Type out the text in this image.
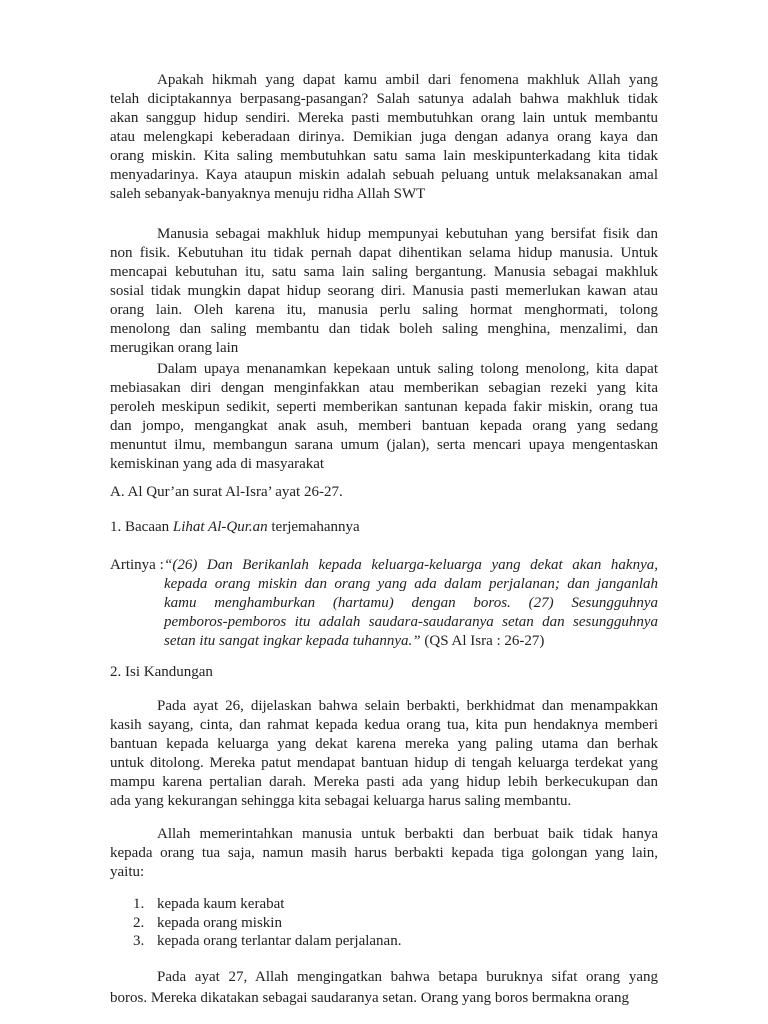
Apakah hikmah yang dapat kamu ambil dari fenomena makhluk Allah yang
telah diciptakannya berpasang-pasangan? Salah satunya adalah bahwa makhluk tidak
akan sanggup hidup sendiri. Mereka pasti membutuhkan orang lain untuk membantu
atau melengkapi keberadaan dirinya. Demikian juga dengan adanya orang kaya dan
orang miskin. Kita saling membutuhkan satu sama lain meskipunterkadang kita tidak
menyadarinya. Kaya ataupun miskin adalah sebuah peluang untuk melaksanakan amal
saleh sebanyak-banyaknya menuju ridha Allah SWT
Manusia sebagai makhluk hidup mempunyai kebutuhan yang bersifat fisik dan
non fisik. Kebutuhan itu tidak pernah dapat dihentikan selama hidup manusia. Untuk
mencapai kebutuhan itu, satu sama lain saling bergantung. Manusia sebagai makhluk
sosial tidak mungkin dapat hidup seorang diri. Manusia pasti memerlukan kawan atau
orang lain. Oleh karena itu, manusia perlu saling hormat menghormati, tolong
menolong dan saling membantu dan tidak boleh saling menghina, menzalimi, dan
merugikan orang lain
Dalam upaya menanamkan kepekaan untuk saling tolong menolong, kita dapat
mebiasakan diri dengan menginfakkan atau memberikan sebagian rezeki yang kita
peroleh meskipun sedikit, seperti memberikan santunan kepada fakir miskin, orang tua
dan jompo, mengangkat anak asuh, memberi bantuan kepada orang yang sedang
menuntut ilmu, membangun sarana umum (jalan), serta mencari upaya mengentaskan
kemiskinan yang ada di masyarakat
A. Al Qur’an surat Al-Isra’ ayat 26-27.
1. Bacaan Lihat Al-Qur.an terjemahannya
Artinya : “(26) Dan Berikanlah kepada keluarga-keluarga yang dekat akan haknya,
kepada orang miskin dan orang yang ada dalam perjalanan; dan janganlah
kamu menghamburkan (hartamu) dengan boros. (27) Sesungguhnya
pemboros-pemboros itu adalah saudara-saudaranya setan dan sesungguhnya
setan itu sangat ingkar kepada tuhannya.” (QS Al Isra : 26-27)
2. Isi Kandungan
Pada ayat 26, dijelaskan bahwa selain berbakti, berkhidmat dan menampakkan
kasih sayang, cinta, dan rahmat kepada kedua orang tua, kita pun hendaknya memberi
bantuan kepada keluarga yang dekat karena mereka yang paling utama dan berhak
untuk ditolong. Mereka patut mendapat bantuan hidup di tengah keluarga terdekat yang
mampu karena pertalian darah. Mereka pasti ada yang hidup lebih berkecukupan dan
ada yang kekurangan sehingga kita sebagai keluarga harus saling membantu.
Allah memerintahkan manusia untuk berbakti dan berbuat baik tidak hanya
kepada orang tua saja, namun masih harus berbakti kepada tiga golongan yang lain,
yaitu:
1. kepada kaum kerabat
2. kepada orang miskin
3. kepada orang terlantar dalam perjalanan.
Pada ayat 27, Allah mengingatkan bahwa betapa buruknya sifat orang yang
boros. Mereka dikatakan sebagai saudaranya setan. Orang yang boros bermakna orang
